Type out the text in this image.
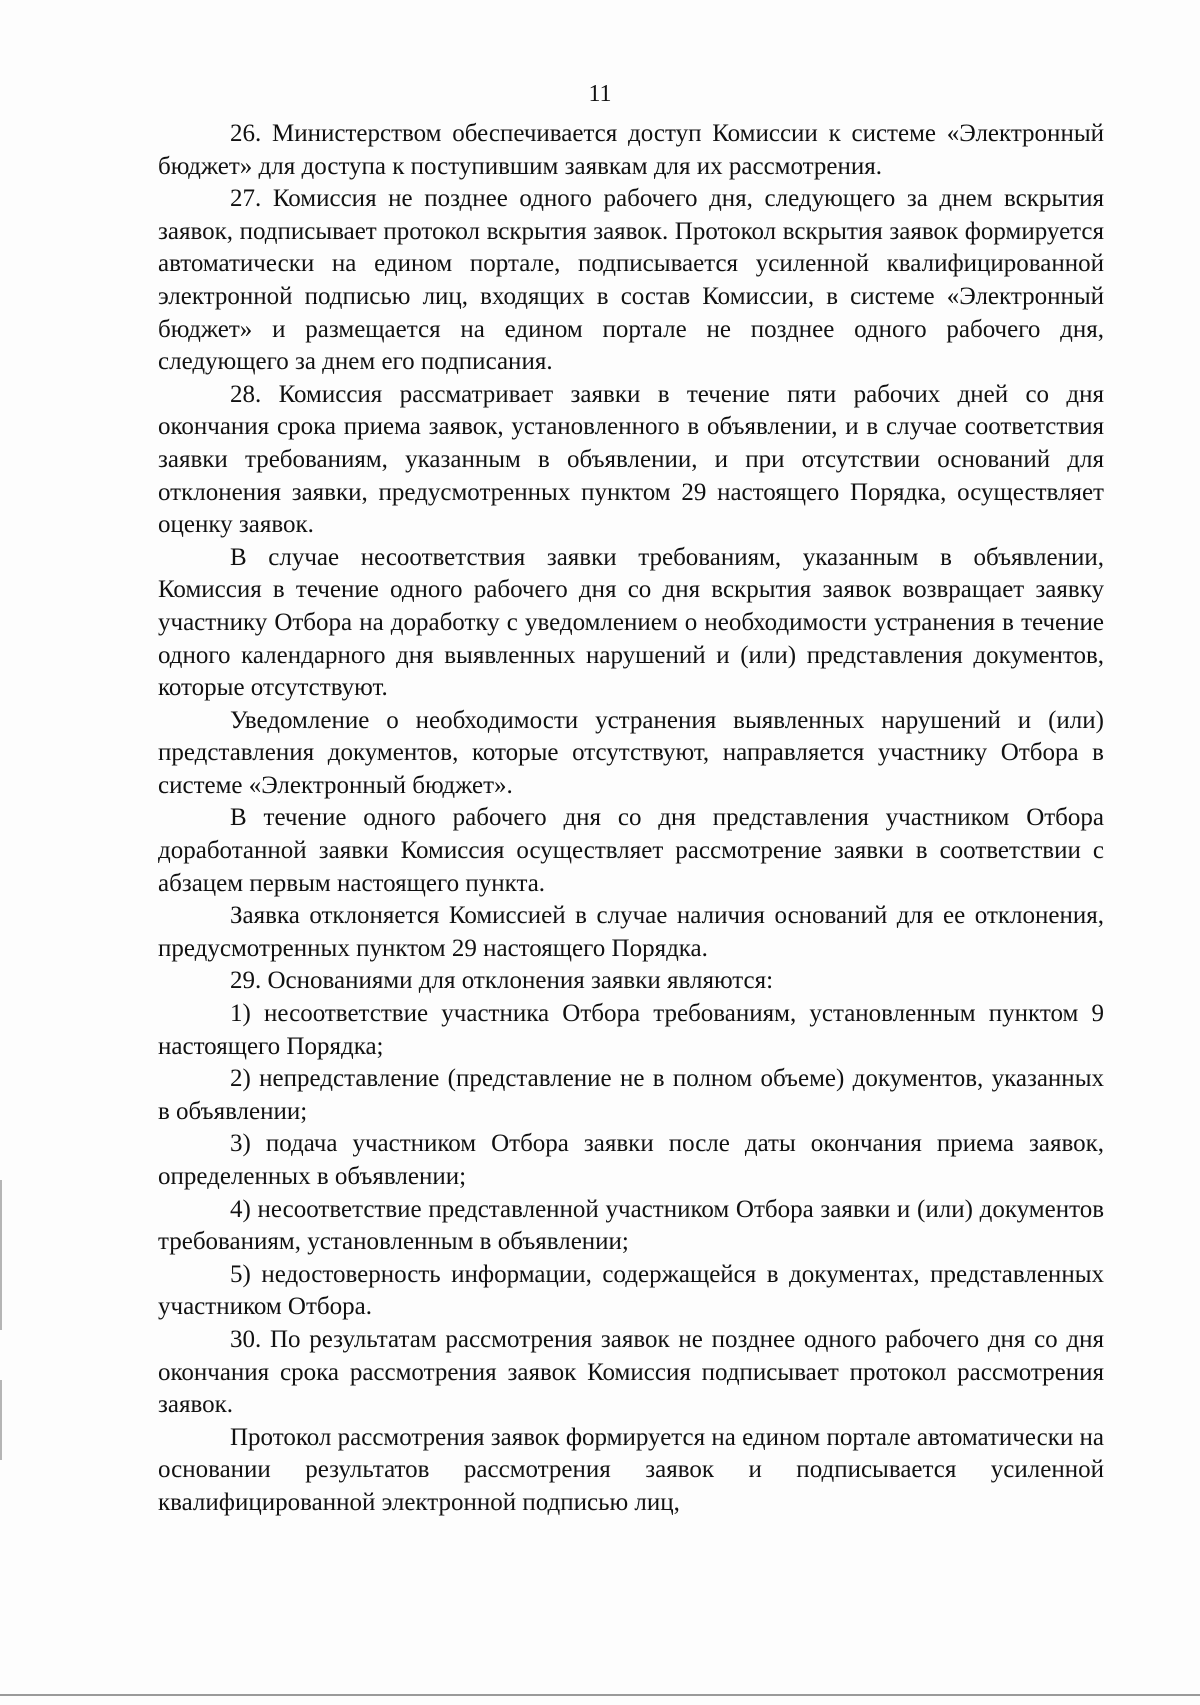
11

26. Министерством обеспечивается доступ Комиссии к системе «Электронный бюджет» для доступа к поступившим заявкам для их рассмотрения.

27. Комиссия не позднее одного рабочего дня, следующего за днем вскрытия заявок, подписывает протокол вскрытия заявок. Протокол вскрытия заявок формируется автоматически на едином портале, подписывается усиленной квалифицированной электронной подписью лиц, входящих в состав Комиссии, в системе «Электронный бюджет» и размещается на едином портале не позднее одного рабочего дня, следующего за днем его подписания.

28. Комиссия рассматривает заявки в течение пяти рабочих дней со дня окончания срока приема заявок, установленного в объявлении, и в случае соответствия заявки требованиям, указанным в объявлении, и при отсутствии оснований для отклонения заявки, предусмотренных пунктом 29 настоящего Порядка, осуществляет оценку заявок.

В случае несоответствия заявки требованиям, указанным в объявлении, Комиссия в течение одного рабочего дня со дня вскрытия заявок возвращает заявку участнику Отбора на доработку с уведомлением о необходимости устранения в течение одного календарного дня выявленных нарушений и (или) представления документов, которые отсутствуют.

Уведомление о необходимости устранения выявленных нарушений и (или) представления документов, которые отсутствуют, направляется участнику Отбора в системе «Электронный бюджет».

В течение одного рабочего дня со дня представления участником Отбора доработанной заявки Комиссия осуществляет рассмотрение заявки в соответствии с абзацем первым настоящего пункта.

Заявка отклоняется Комиссией в случае наличия оснований для ее отклонения, предусмотренных пунктом 29 настоящего Порядка.

29. Основаниями для отклонения заявки являются:

1) несоответствие участника Отбора требованиям, установленным пунктом 9 настоящего Порядка;

2) непредставление (представление не в полном объеме) документов, указанных в объявлении;

3) подача участником Отбора заявки после даты окончания приема заявок, определенных в объявлении;

4) несоответствие представленной участником Отбора заявки и (или) документов требованиям, установленным в объявлении;

5) недостоверность информации, содержащейся в документах, представленных участником Отбора.

30. По результатам рассмотрения заявок не позднее одного рабочего дня со дня окончания срока рассмотрения заявок Комиссия подписывает протокол рассмотрения заявок.

Протокол рассмотрения заявок формируется на едином портале автоматически на основании результатов рассмотрения заявок и подписывается усиленной квалифицированной электронной подписью лиц,
